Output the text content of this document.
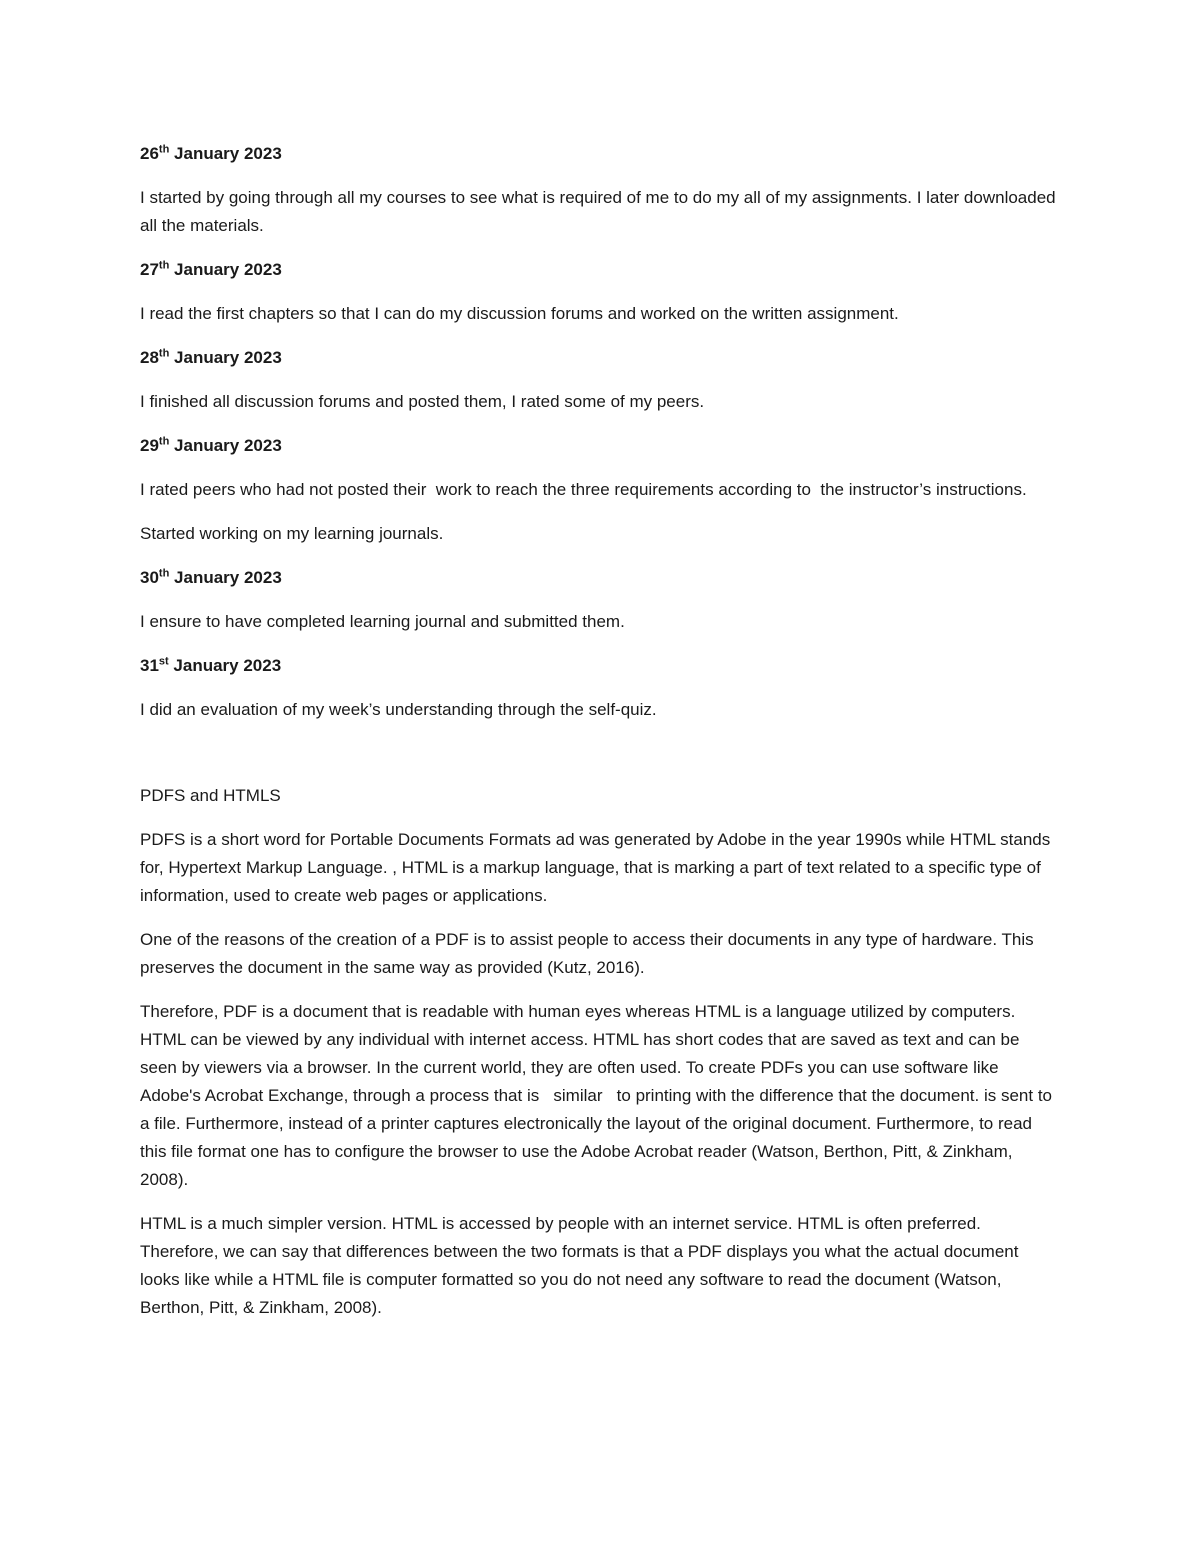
26th January 2023

I started by going through all my courses to see what is required of me to do my all of my assignments. I later downloaded all the materials.

27th January 2023

I read the first chapters so that I can do my discussion forums and worked on the written assignment.

28th January 2023

I finished all discussion forums and posted them, I rated some of my peers.

29th January 2023

I rated peers who had not posted their  work to reach the three requirements according to  the instructor’s instructions.

Started working on my learning journals.

30th January 2023

I ensure to have completed learning journal and submitted them.

31st January 2023

I did an evaluation of my week’s understanding through the self-quiz.

PDFS and HTMLS

PDFS is a short word for Portable Documents Formats ad was generated by Adobe in the year 1990s while HTML stands for, Hypertext Markup Language. , HTML is a markup language, that is marking a part of text related to a specific type of information, used to create web pages or applications.

One of the reasons of the creation of a PDF is to assist people to access their documents in any type of hardware. This preserves the document in the same way as provided (Kutz, 2016).

Therefore, PDF is a document that is readable with human eyes whereas HTML is a language utilized by computers. HTML can be viewed by any individual with internet access. HTML has short codes that are saved as text and can be seen by viewers via a browser. In the current world, they are often used. To create PDFs you can use software like Adobe's Acrobat Exchange, through a process that is   similar   to printing with the difference that the document. is sent to a file. Furthermore, instead of a printer captures electronically the layout of the original document. Furthermore, to read this file format one has to configure the browser to use the Adobe Acrobat reader (Watson, Berthon, Pitt, & Zinkham, 2008).

HTML is a much simpler version. HTML is accessed by people with an internet service. HTML is often preferred. Therefore, we can say that differences between the two formats is that a PDF displays you what the actual document looks like while a HTML file is computer formatted so you do not need any software to read the document (Watson, Berthon, Pitt, & Zinkham, 2008).
